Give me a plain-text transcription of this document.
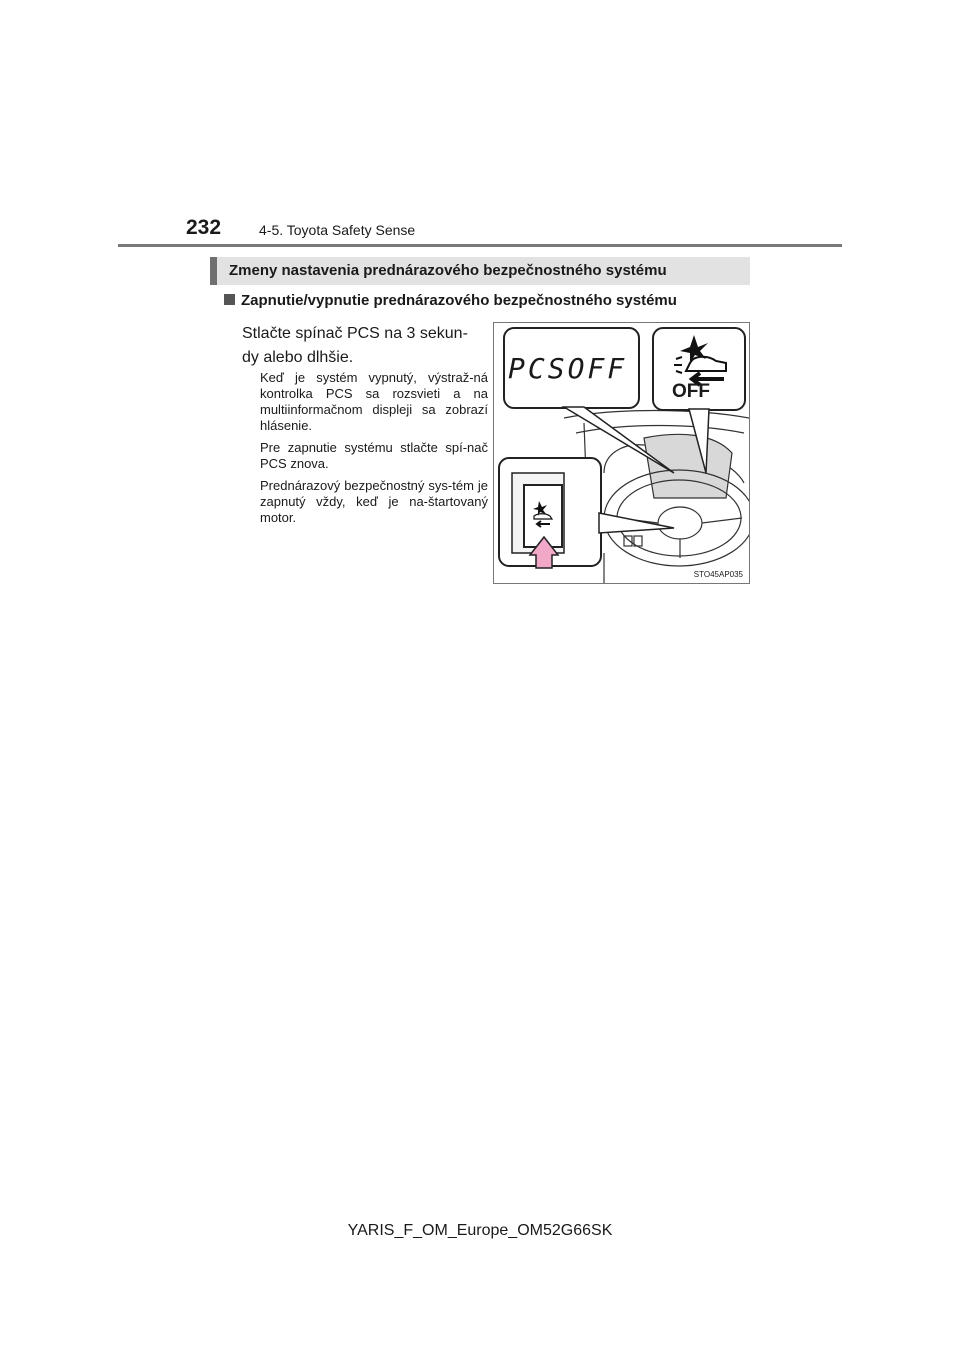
232	4-5. Toyota Safety Sense
Zmeny nastavenia prednárazového bezpečnostného systému
Zapnutie/vypnutie prednárazového bezpečnostného systému
Stlačte spínač PCS na 3 sekun-dy alebo dlhšie.

Keď je systém vypnutý, výstraž-ná kontrolka PCS sa rozsvieti a na multiinformačnom displeji sa zobrazí hlásenie.

Pre zapnutie systému stlačte spí-nač PCS znova.

Prednárazový bezpečnostný sys-tém je zapnutý vždy, keď je na-štartovaný motor.

PCSOFF
OFF
STO45AP035
YARIS_F_OM_Europe_OM52G66SK
